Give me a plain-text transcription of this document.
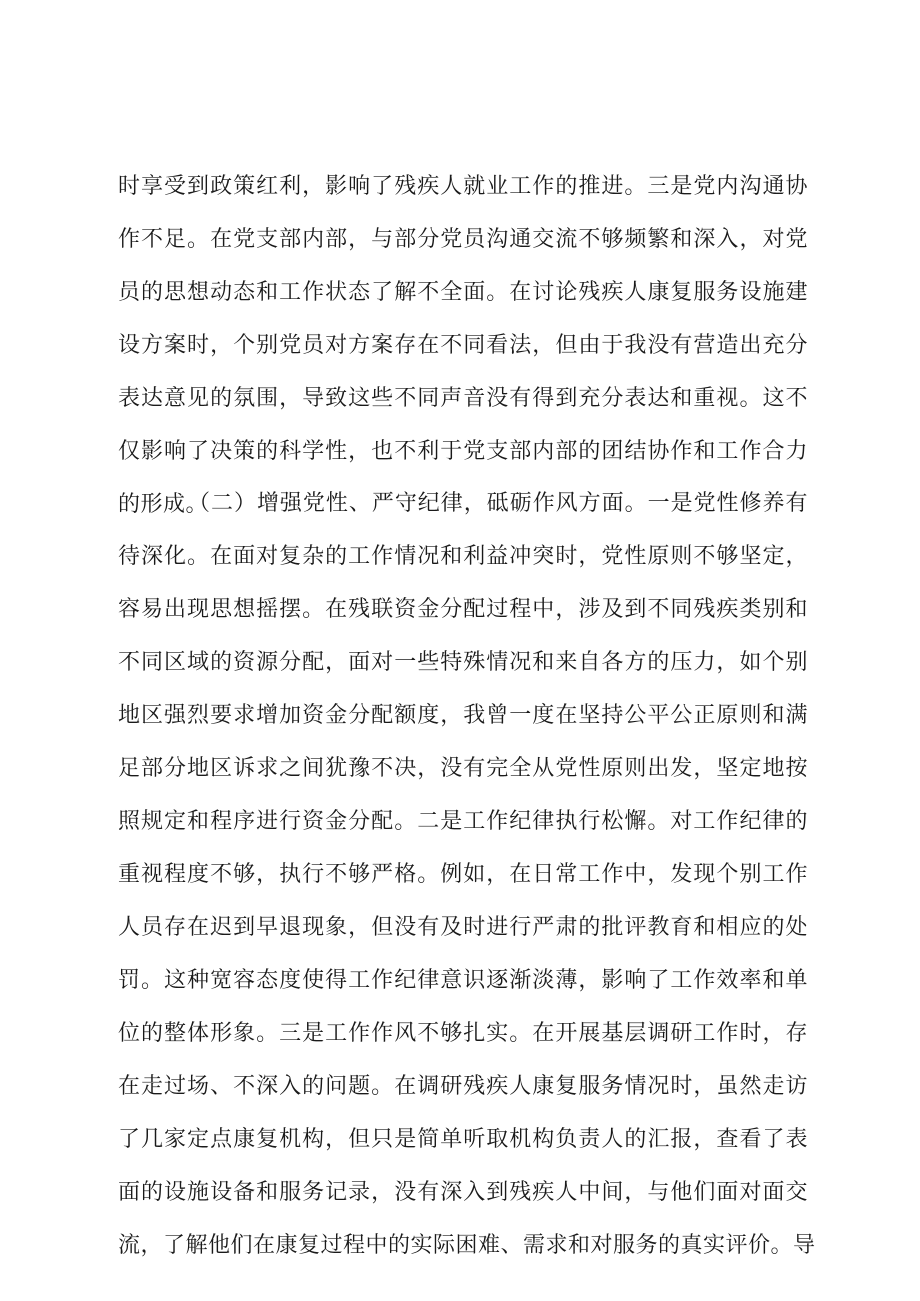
时享受到政策红利，影响了残疾人就业工作的推进。三是党内沟通协
作不足。在党支部内部，与部分党员沟通交流不够频繁和深入，对党
员的思想动态和工作状态了解不全面。在讨论残疾人康复服务设施建
设方案时，个别党员对方案存在不同看法，但由于我没有营造出充分
表达意见的氛围，导致这些不同声音没有得到充分表达和重视。这不
仅影响了决策的科学性，也不利于党支部内部的团结协作和工作合力
的形成。
（二）增强党性、严守纪律，砥砺作风方面。一是党性修养有
待深化。在面对复杂的工作情况和利益冲突时，党性原则不够坚定，
容易出现思想摇摆。在残联资金分配过程中，涉及到不同残疾类别和
不同区域的资源分配，面对一些特殊情况和来自各方的压力，如个别
地区强烈要求增加资金分配额度，我曾一度在坚持公平公正原则和满
足部分地区诉求之间犹豫不决，没有完全从党性原则出发，坚定地按
照规定和程序进行资金分配。二是工作纪律执行松懈。对工作纪律的
重视程度不够，执行不够严格。例如，在日常工作中，发现个别工作
人员存在迟到早退现象，但没有及时进行严肃的批评教育和相应的处
罚。这种宽容态度使得工作纪律意识逐渐淡薄，影响了工作效率和单
位的整体形象。三是工作作风不够扎实。在开展基层调研工作时，存
在走过场、不深入的问题。在调研残疾人康复服务情况时，虽然走访
了几家定点康复机构，但只是简单听取机构负责人的汇报，查看了表
面的设施设备和服务记录，没有深入到残疾人中间，与他们面对面交
流，了解他们在康复过程中的实际困难、需求和对服务的真实评价。导
